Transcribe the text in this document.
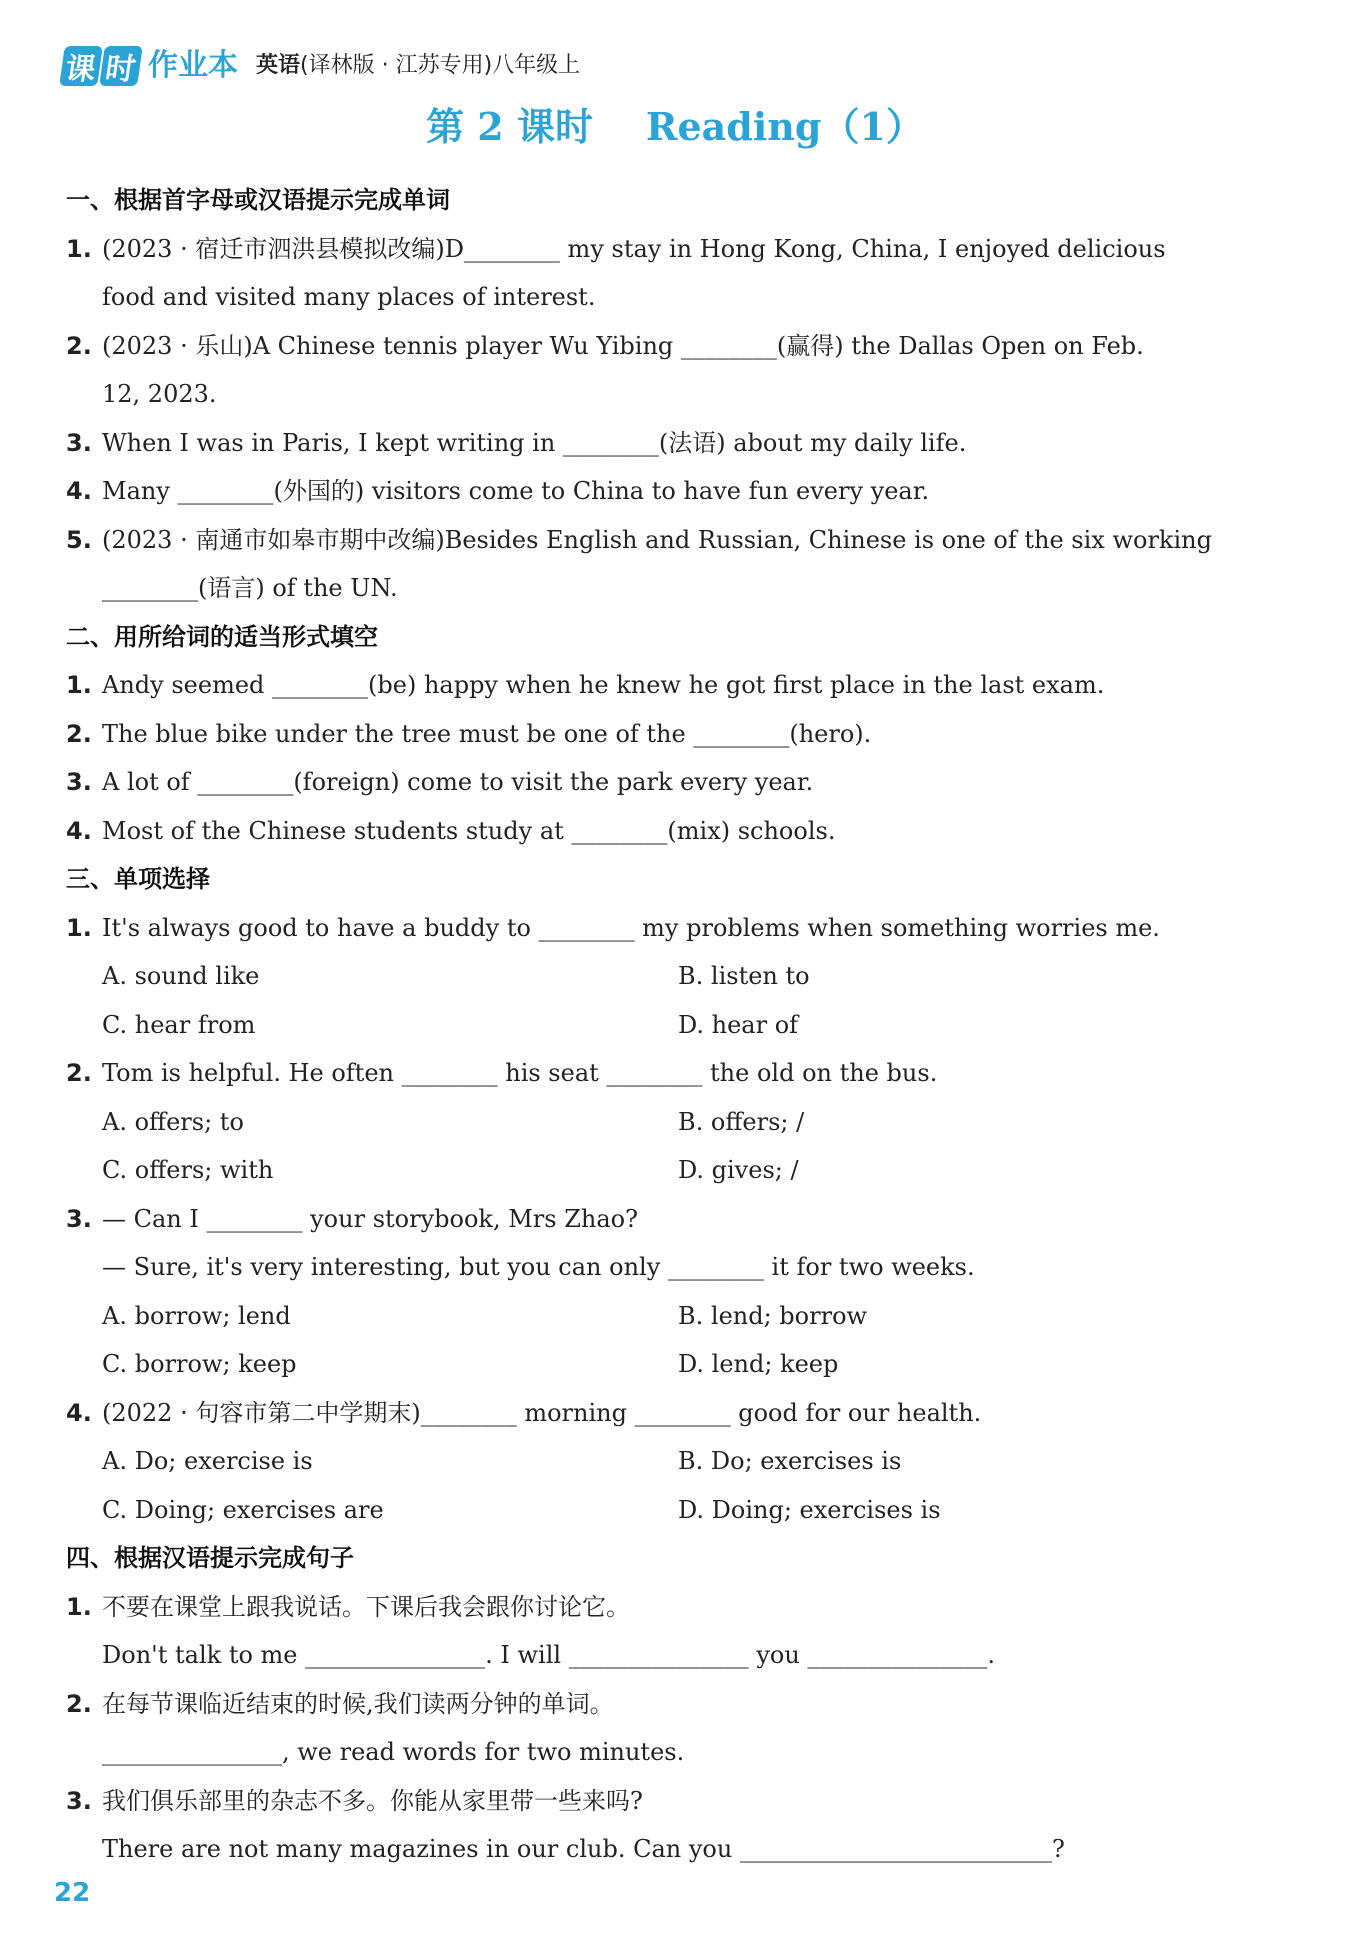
课 时 作业本 英语 (译林版 · 江苏专用)八年级上
第 2 课时    Reading（1）
一、根据首字母或汉语提示完成单词
1. (2023 · 宿迁市泗洪县模拟改编)D________ my stay in Hong Kong, China, I enjoyed delicious
food and visited many places of interest.
2. (2023 · 乐山)A Chinese tennis player Wu Yibing ________(赢得) the Dallas Open on Feb.
12, 2023.
3. When I was in Paris, I kept writing in ________(法语) about my daily life.
4. Many ________(外国的) visitors come to China to have fun every year.
5. (2023 · 南通市如皋市期中改编)Besides English and Russian, Chinese is one of the six working
________(语言) of the UN.
二、用所给词的适当形式填空
1. Andy seemed ________(be) happy when he knew he got first place in the last exam.
2. The blue bike under the tree must be one of the ________(hero).
3. A lot of ________(foreign) come to visit the park every year.
4. Most of the Chinese students study at ________(mix) schools.
三、单项选择
1. It's always good to have a buddy to ________ my problems when something worries me.
A. sound like	B. listen to
C. hear from	D. hear of
2. Tom is helpful. He often ________ his seat ________ the old on the bus.
A. offers; to	B. offers; /
C. offers; with	D. gives; /
3. — Can I ________ your storybook, Mrs Zhao?
— Sure, it's very interesting, but you can only ________ it for two weeks.
A. borrow; lend	B. lend; borrow
C. borrow; keep	D. lend; keep
4. (2022 · 句容市第二中学期末)________ morning ________ good for our health.
A. Do; exercise is	B. Do; exercises is
C. Doing; exercises are	D. Doing; exercises is
四、根据汉语提示完成句子
1. 不要在课堂上跟我说话。下课后我会跟你讨论它。
Don't talk to me _______________. I will _______________ you _______________.
2. 在每节课临近结束的时候,我们读两分钟的单词。
_______________, we read words for two minutes.
3. 我们俱乐部里的杂志不多。你能从家里带一些来吗?
There are not many magazines in our club. Can you __________________________?
22
